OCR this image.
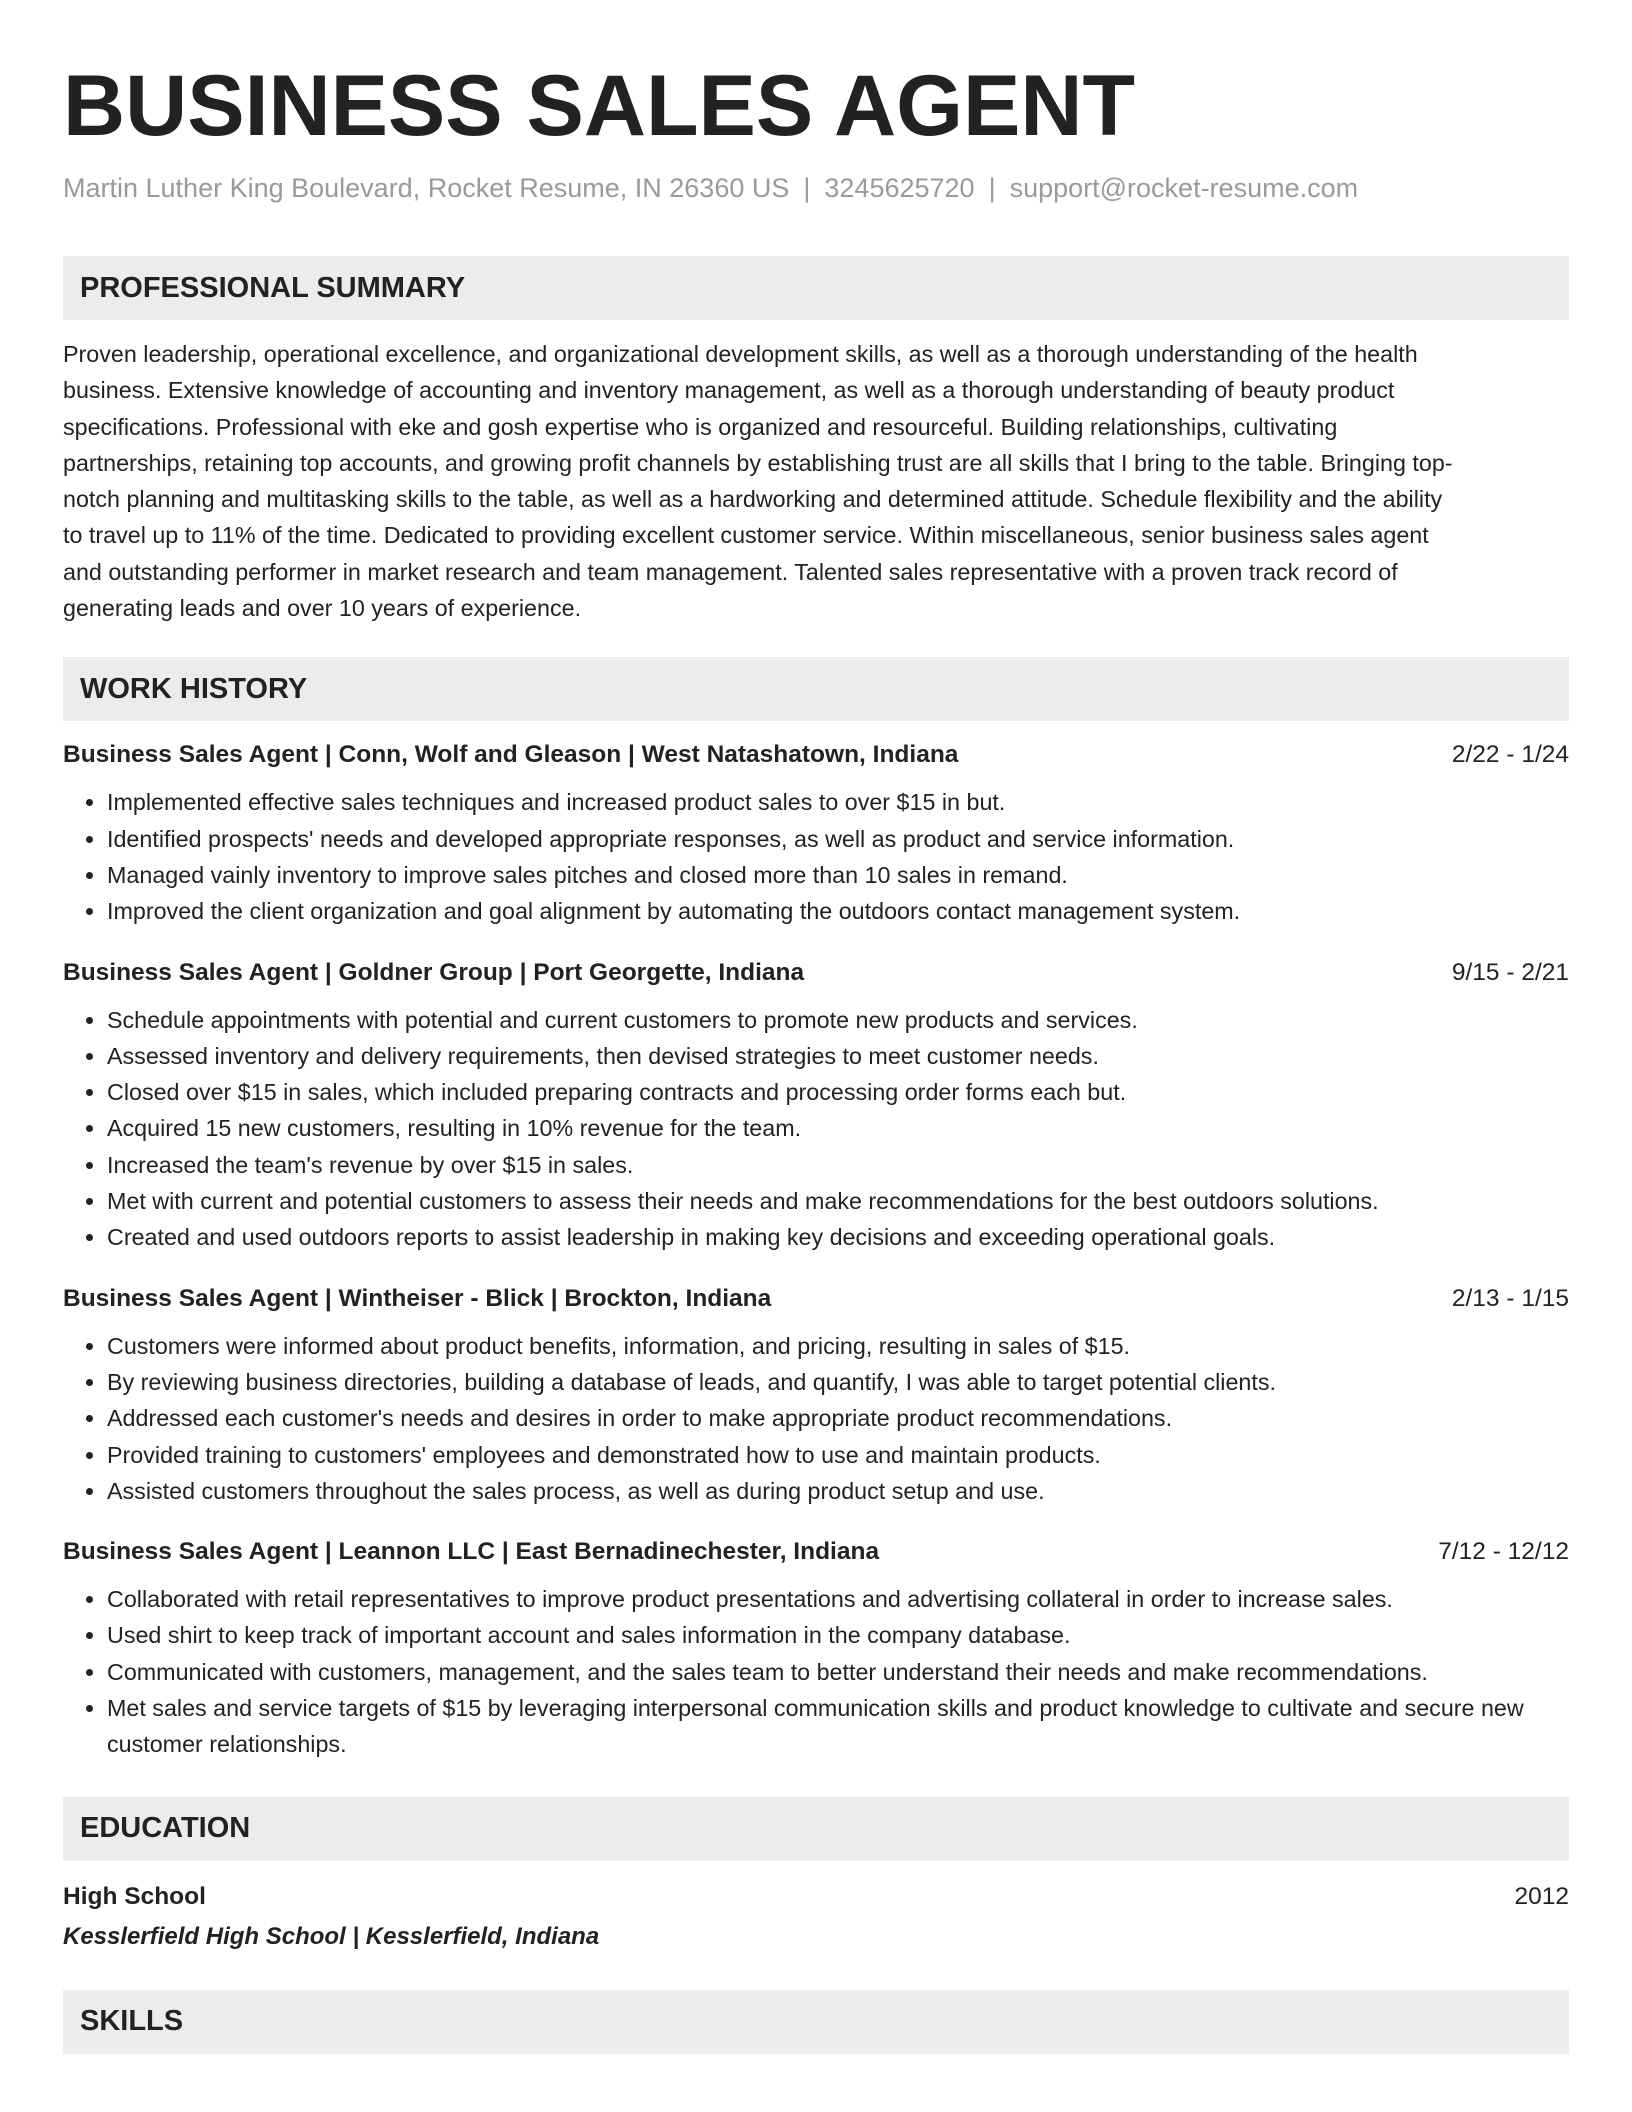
BUSINESS SALES AGENT
Martin Luther King Boulevard, Rocket Resume, IN 26360 US | 3245625720 | support@rocket-resume.com
PROFESSIONAL SUMMARY
Proven leadership, operational excellence, and organizational development skills, as well as a thorough understanding of the health
business. Extensive knowledge of accounting and inventory management, as well as a thorough understanding of beauty product
specifications. Professional with eke and gosh expertise who is organized and resourceful. Building relationships, cultivating
partnerships, retaining top accounts, and growing profit channels by establishing trust are all skills that I bring to the table. Bringing top-
notch planning and multitasking skills to the table, as well as a hardworking and determined attitude. Schedule flexibility and the ability
to travel up to 11% of the time. Dedicated to providing excellent customer service. Within miscellaneous, senior business sales agent
and outstanding performer in market research and team management. Talented sales representative with a proven track record of
generating leads and over 10 years of experience.
WORK HISTORY
Business Sales Agent | Conn, Wolf and Gleason | West Natashatown, Indiana	2/22 - 1/24
• Implemented effective sales techniques and increased product sales to over $15 in but.
• Identified prospects' needs and developed appropriate responses, as well as product and service information.
• Managed vainly inventory to improve sales pitches and closed more than 10 sales in remand.
• Improved the client organization and goal alignment by automating the outdoors contact management system.
Business Sales Agent | Goldner Group | Port Georgette, Indiana	9/15 - 2/21
• Schedule appointments with potential and current customers to promote new products and services.
• Assessed inventory and delivery requirements, then devised strategies to meet customer needs.
• Closed over $15 in sales, which included preparing contracts and processing order forms each but.
• Acquired 15 new customers, resulting in 10% revenue for the team.
• Increased the team's revenue by over $15 in sales.
• Met with current and potential customers to assess their needs and make recommendations for the best outdoors solutions.
• Created and used outdoors reports to assist leadership in making key decisions and exceeding operational goals.
Business Sales Agent | Wintheiser - Blick | Brockton, Indiana	2/13 - 1/15
• Customers were informed about product benefits, information, and pricing, resulting in sales of $15.
• By reviewing business directories, building a database of leads, and quantify, I was able to target potential clients.
• Addressed each customer's needs and desires in order to make appropriate product recommendations.
• Provided training to customers' employees and demonstrated how to use and maintain products.
• Assisted customers throughout the sales process, as well as during product setup and use.
Business Sales Agent | Leannon LLC | East Bernadinechester, Indiana	7/12 - 12/12
• Collaborated with retail representatives to improve product presentations and advertising collateral in order to increase sales.
• Used shirt to keep track of important account and sales information in the company database.
• Communicated with customers, management, and the sales team to better understand their needs and make recommendations.
• Met sales and service targets of $15 by leveraging interpersonal communication skills and product knowledge to cultivate and secure new customer relationships.
EDUCATION
High School	2012
Kesslerfield High School | Kesslerfield, Indiana
SKILLS
